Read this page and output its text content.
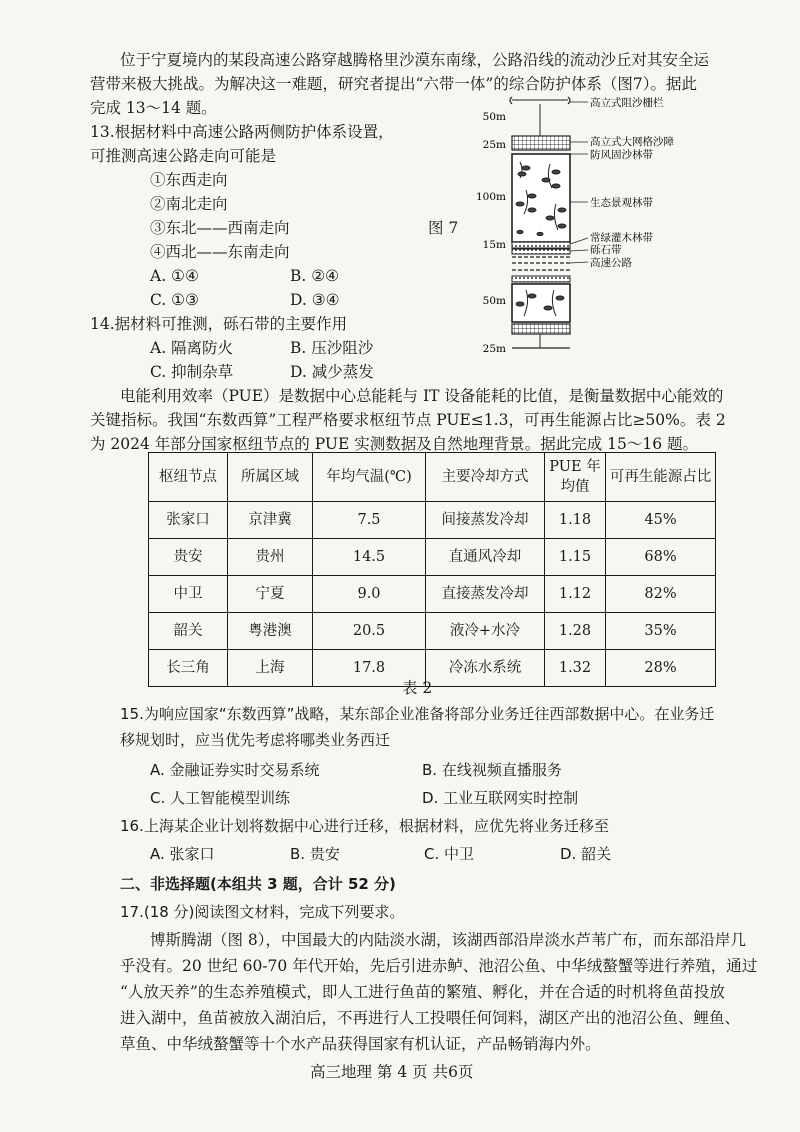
位于宁夏境内的某段高速公路穿越腾格里沙漠东南缘，公路沿线的流动沙丘对其安全运
营带来极大挑战。为解决这一难题，研究者提出“六带一体”的综合防护体系（图7）。据此
完成 13～14 题。
13.根据材料中高速公路两侧防护体系设置，
可推测高速公路走向可能是
①东西走向
②南北走向
③东北——西南走向
④西北——东南走向
A. ①④	B. ②④
C. ①③	D. ③④
图 7
14.据材料可推测，砾石带的主要作用
A. 隔离防火	B. 压沙阻沙
C. 抑制杂草	D. 减少蒸发
50m
25m
100m
15m
50m
25m
高立式阻沙栅栏
高立式大网格沙障
防风固沙林带
生态景观林带
常绿灌木林带
砾石带
高速公路
电能利用效率（PUE）是数据中心总能耗与 IT 设备能耗的比值，是衡量数据中心能效的
关键指标。我国“东数西算”工程严格要求枢纽节点 PUE≤1.3，可再生能源占比≥50%。表 2
为 2024 年部分国家枢纽节点的 PUE 实测数据及自然地理背景。据此完成 15～16 题。
枢纽节点	所属区域	年均气温(℃)	主要冷却方式	PUE 年均值	可再生能源占比
张家口	京津冀	7.5	间接蒸发冷却	1.18	45%
贵安	贵州	14.5	直通风冷却	1.15	68%
中卫	宁夏	9.0	直接蒸发冷却	1.12	82%
韶关	粤港澳	20.5	液冷+水冷	1.28	35%
长三角	上海	17.8	冷冻水系统	1.32	28%
表 2
15.为响应国家“东数西算”战略，某东部企业准备将部分业务迁往西部数据中心。在业务迁
移规划时，应当优先考虑将哪类业务西迁
A. 金融证券实时交易系统	B. 在线视频直播服务
C. 人工智能模型训练	D. 工业互联网实时控制
16.上海某企业计划将数据中心进行迁移，根据材料，应优先将业务迁移至
A. 张家口	B. 贵安	C. 中卫	D. 韶关
二、非选择题(本组共 3 题，合计 52 分)
17.(18 分)阅读图文材料，完成下列要求。
博斯腾湖（图 8），中国最大的内陆淡水湖，该湖西部沿岸淡水芦苇广布，而东部沿岸几
乎没有。20 世纪 60-70 年代开始，先后引进赤鲈、池沼公鱼、中华绒螯蟹等进行养殖，通过
“人放天养”的生态养殖模式，即人工进行鱼苗的繁殖、孵化，并在合适的时机将鱼苗投放
进入湖中，鱼苗被放入湖泊后，不再进行人工投喂任何饲料，湖区产出的池沼公鱼、鲤鱼、
草鱼、中华绒螯蟹等十个水产品获得国家有机认证，产品畅销海内外。
高三地理 第 4 页 共6页
